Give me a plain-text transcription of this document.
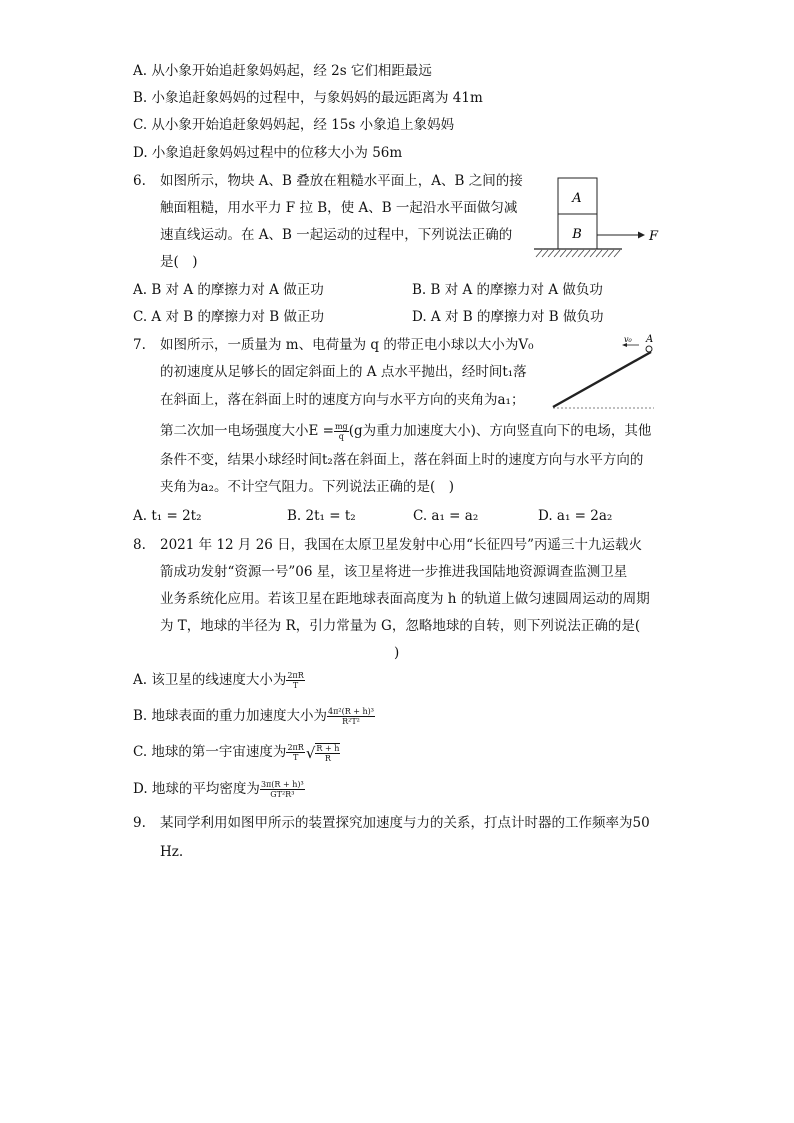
A. 从小象开始追赶象妈妈起，经 2s 它们相距最远
B. 小象追赶象妈妈的过程中，与象妈妈的最远距离为 41m
C. 从小象开始追赶象妈妈起，经 15s 小象追上象妈妈
D. 小象追赶象妈妈过程中的位移大小为 56m
6. 如图所示，物块 A、B 叠放在粗糙水平面上，A、B 之间的接
触面粗糙，用水平力 F 拉 B，使 A、B 一起沿水平面做匀减
速直线运动。在 A、B 一起运动的过程中，下列说法正确的
是(　)
A
B	F
A. B 对 A 的摩擦力对 A 做正功	B. B 对 A 的摩擦力对 A 做负功
C. A 对 B 的摩擦力对 B 做正功	D. A 对 B 的摩擦力对 B 做负功
7. 如图所示，一质量为 m、电荷量为 q 的带正电小球以大小为V₀
的初速度从足够长的固定斜面上的 A 点水平抛出，经时间t₁落
在斜面上，落在斜面上时的速度方向与水平方向的夹角为a₁；
第二次加一电场强度大小$E = \frac{mg}{q} (g$为重力加速度大小)、方向竖直向下的电场，其他
条件不变，结果小球经时间t₂落在斜面上，落在斜面上时的速度方向与水平方向的
夹角为a₂。不计空气阻力。下列说法正确的是(　)
v₀ A
A. t₁ = 2t₂	B. 2t₁ = t₂	C. a₁ = a₂	D. a₁ = 2a₂
8. 2021 年 12 月 26 日，我国在太原卫星发射中心用“长征四号”丙遥三十九运载火
箭成功发射“资源一号”06 星，该卫星将进一步推进我国陆地资源调查监测卫星
业务系统化应用。若该卫星在距地球表面高度为 h 的轨道上做匀速圆周运动的周期
为 T，地球的半径为 R，引力常量为 G，忽略地球的自转，则下列说法正确的是(
)
A. 该卫星的线速度大小为 $\frac{2\pi R}{T}$
B. 地球表面的重力加速度大小为 $\frac{\text{4π²(R + h)³}}{\text{R²T²}}$
C. 地球的第一宇宙速度为 $\frac{2\pi R}{T}$ √ $\frac{R + h}{R}$
D. 地球的平均密度为 $\frac{\text{3π(R + h)³}}{\text{GT²R³}}$
9. 某同学利用如图甲所示的装置探究加速度与力的关系，打点计时器的工作频率为50
Hz.
